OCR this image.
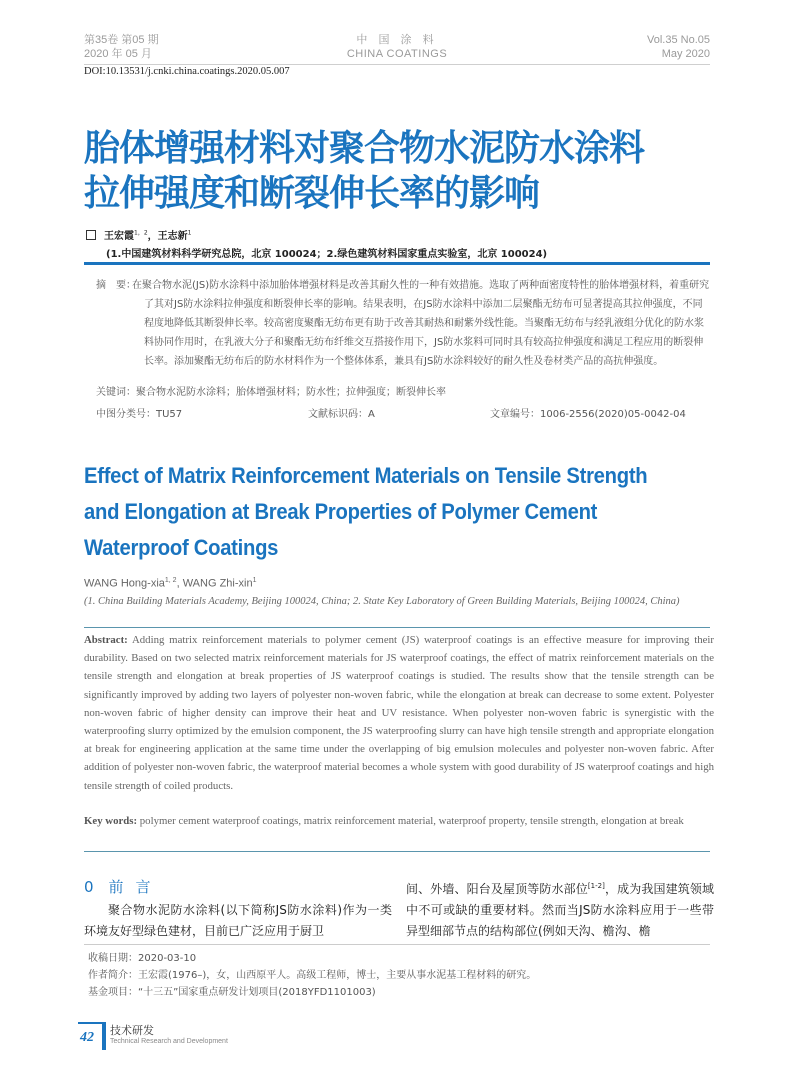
第35卷 第05 期
2020 年 05 月
中 国 涂 料
CHINA COATINGS
Vol.35 No.05
May 2020
DOI:10.13531/j.cnki.china.coatings.2020.05.007
胎体增强材料对聚合物水泥防水涂料
拉伸强度和断裂伸长率的影响
王宏霞$^{1,2}$，王志新$^1$
(1.中国建筑材料科学研究总院，北京 100024；2.绿色建筑材料国家重点实验室，北京 100024)
摘　要：
在聚合物水泥(JS)防水涂料中添加胎体增强材料是改善其耐久性的一种有效措施。选取了两种面密度特性的胎体增强材料，着重研究了其对JS防水涂料拉伸强度和断裂伸长率的影响。结果表明，在JS防水涂料中添加二层聚酯无纺布可显著提高其拉伸强度，不同程度地降低其断裂伸长率。较高密度聚酯无纺布更有助于改善其耐热和耐紫外线性能。当聚酯无纺布与经乳液组分优化的防水浆料协同作用时，在乳液大分子和聚酯无纺布纤维交互搭接作用下，JS防水浆料可同时具有较高拉伸强度和满足工程应用的断裂伸长率。添加聚酯无纺布后的防水材料作为一个整体体系，兼具有JS防水涂料较好的耐久性及卷材类产品的高抗伸强度。
关键词：聚合物水泥防水涂料；胎体增强材料；防水性；拉伸强度；断裂伸长率
中图分类号：TU57	文献标识码：A	文章编号：1006-2556(2020)05-0042-04
Effect of Matrix Reinforcement Materials on Tensile Strength
and Elongation at Break Properties of Polymer Cement
Waterproof Coatings
WANG Hong-xia$^{1, 2}$, WANG Zhi-xin$^1$
(1. China Building Materials Academy, Beijing 100024, China; 2. State Key Laboratory of Green Building Materials, Beijing 100024, China)
Abstract: Adding matrix reinforcement materials to polymer cement (JS) waterproof coatings is an effective measure for improving their durability. Based on two selected matrix reinforcement materials for JS waterproof coatings, the effect of matrix reinforcement materials on the tensile strength and elongation at break properties of JS waterproof coatings is studied. The results show that the tensile strength can be significantly improved by adding two layers of polyester non-woven fabric, while the elongation at break can decrease to some extent. Polyester non-woven fabric of higher density can improve their heat and UV resistance. When polyester non-woven fabric is synergistic with the waterproofing slurry optimized by the emulsion component, the JS waterproofing slurry can have high tensile strength and appropriate elongation at break for engineering application at the same time under the overlapping of big emulsion molecules and polyester non-woven fabric. After addition of polyester non-woven fabric, the waterproof material becomes a whole system with good durability of JS waterproof coatings and high tensile strength of coiled products.
Key words: polymer cement waterproof coatings, matrix reinforcement material, waterproof property, tensile strength, elongation at break
0 前言
聚合物水泥防水涂料(以下简称JS防水涂料)作为一类环境友好型绿色建材，目前已广泛应用于厨卫
间、外墙、阳台及屋顶等防水部位[1-2]，成为我国建筑领域中不可或缺的重要材料。然而当JS防水涂料应用于一些带异型细部节点的结构部位(例如天沟、檐沟、檐
收稿日期：2020-03-10
作者简介：王宏霞(1976–)，女，山西原平人。高级工程师，博士，主要从事水泥基工程材料的研究。
基金项目：“十三五”国家重点研发计划项目(2018YFD1101003)
42 技术研发
Technical Research and Development
